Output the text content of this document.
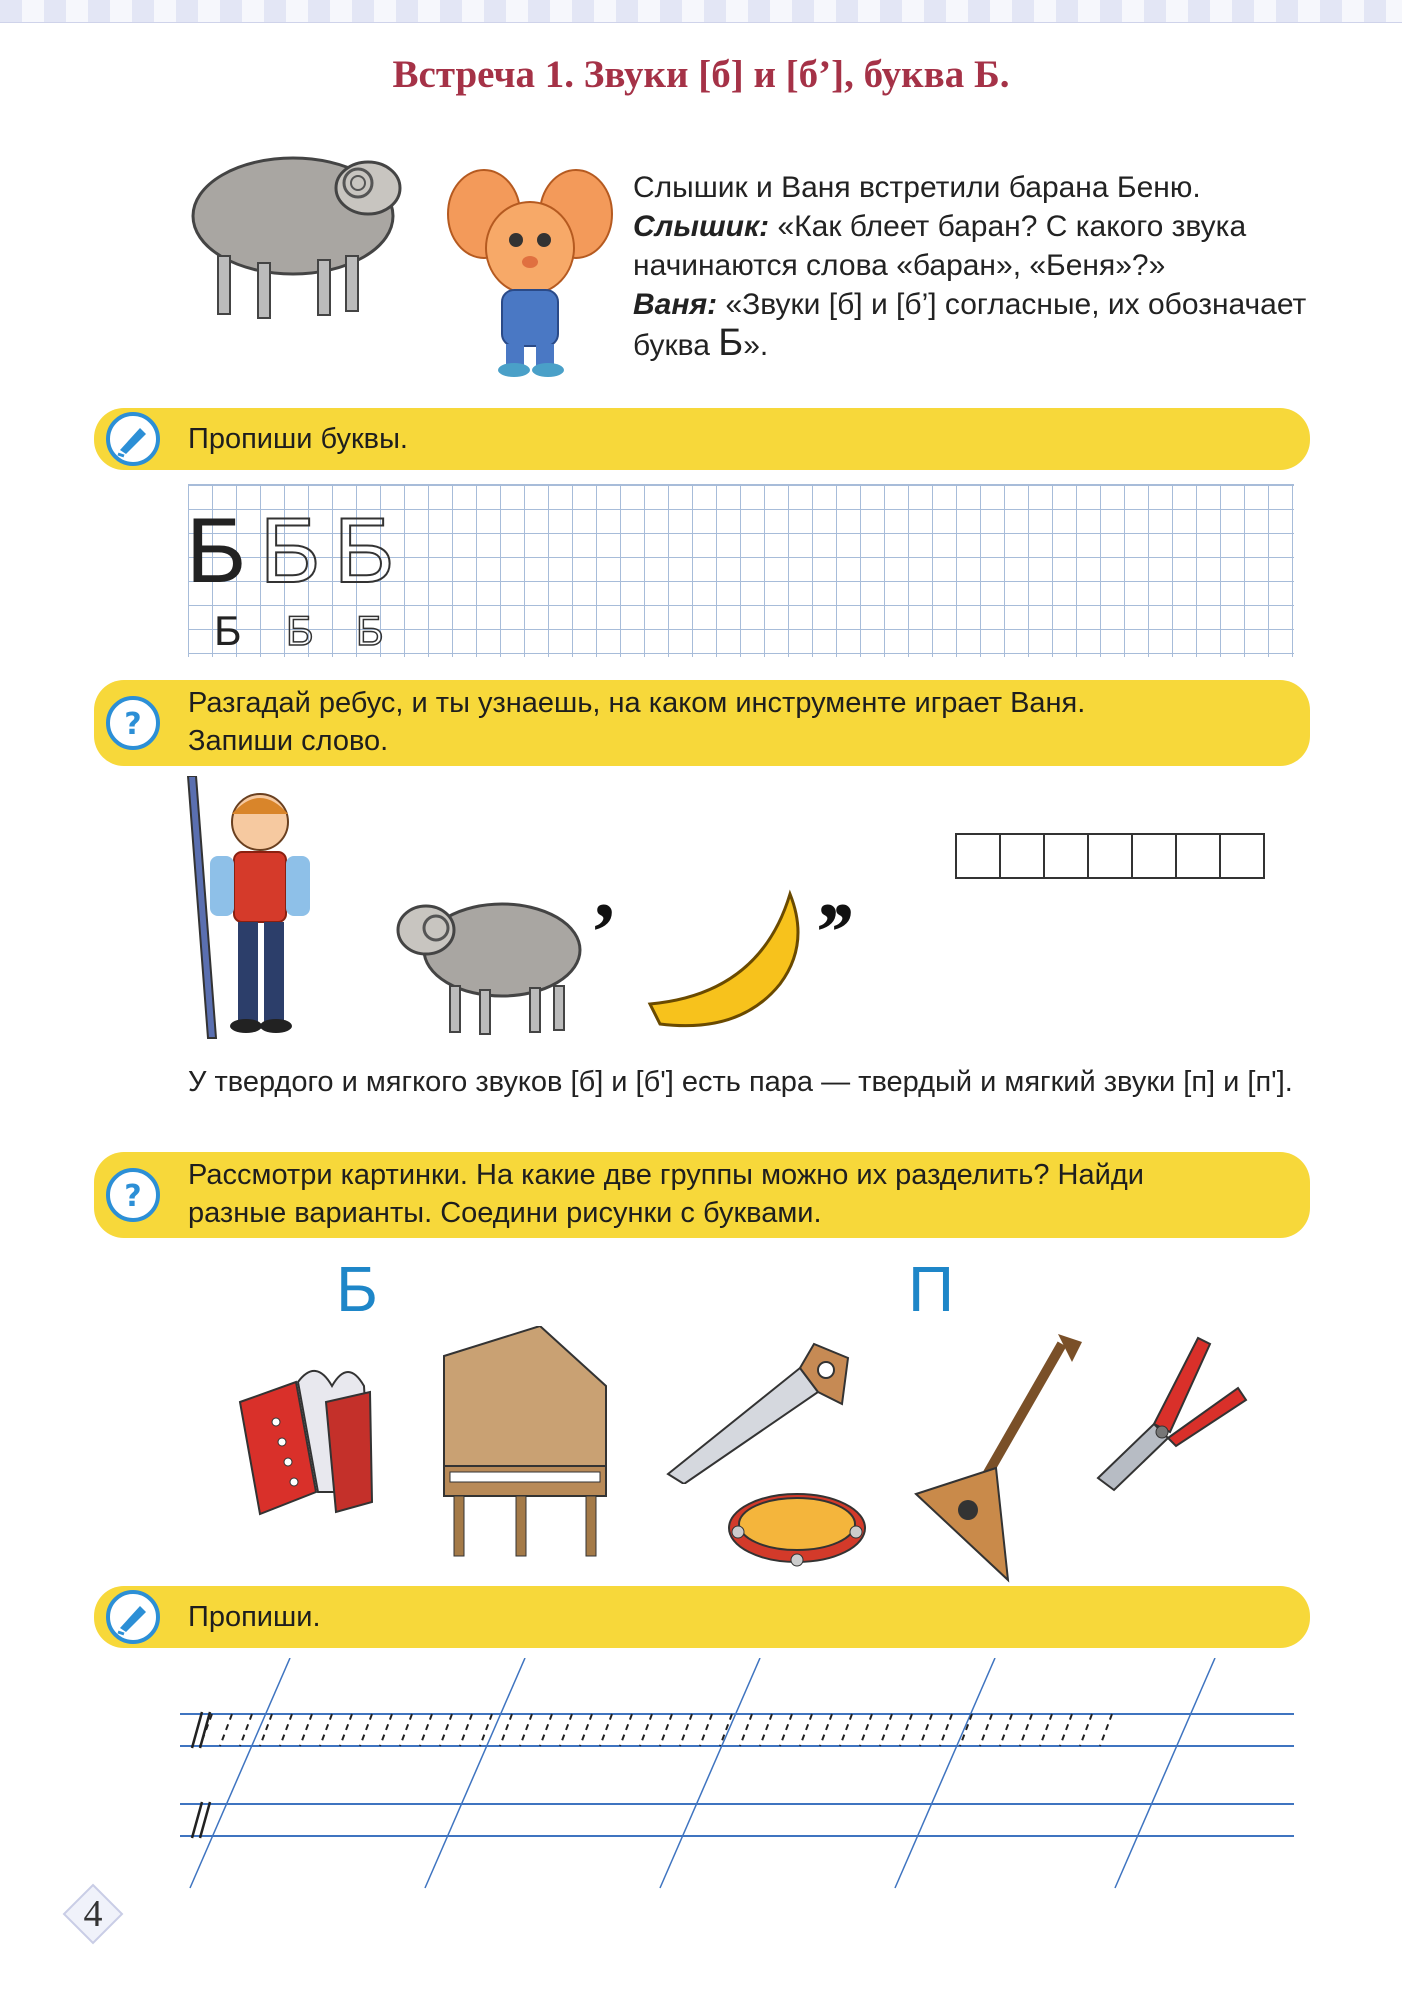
Встреча 1. Звуки [б] и [б’], буква Б.
Слышик и Ваня встретили барана Беню.
Слышик: «Как блеет баран? С какого звука начинаются слова «баран», «Беня»?»
Ваня: «Звуки [б] и [б’] согласные, их обозначает буква Б».
Пропиши буквы.
Б Б Б
Б Б Б
?
Разгадай ребус, и ты узнаешь, на каком инструменте играет Ваня.
Запиши слово.
, ,,
У твердого и мягкого звуков [б] и [б'] есть пара — твердый и мягкий звуки [п] и [п'].
?
Рассмотри картинки. На какие две группы можно их разделить? Найди
разные варианты. Соедини рисунки с буквами.
Б	П
Пропиши.
4
